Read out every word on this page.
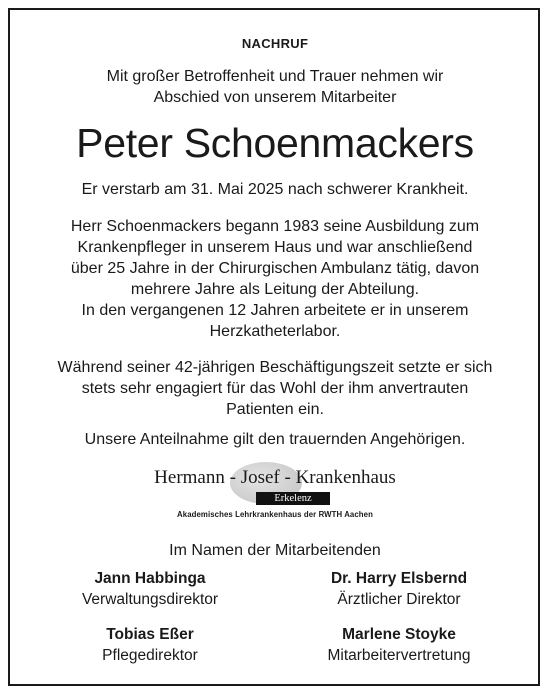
NACHRUF
Mit großer Betroffenheit und Trauer nehmen wir
Abschied von unserem Mitarbeiter
Peter Schoenmackers
Er verstarb am 31. Mai 2025 nach schwerer Krankheit.
Herr Schoenmackers begann 1983 seine Ausbildung zum
Krankenpfleger in unserem Haus und war anschließend
über 25 Jahre in der Chirurgischen Ambulanz tätig, davon
mehrere Jahre als Leitung der Abteilung.
In den vergangenen 12 Jahren arbeitete er in unserem
Herzkatheterlabor.
Während seiner 42-jährigen Beschäftigungszeit setzte er sich
stets sehr engagiert für das Wohl der ihm anvertrauten
Patienten ein.
Unsere Anteilnahme gilt den trauernden Angehörigen.
Hermann - Josef - Krankenhaus
Erkelenz
Akademisches Lehrkrankenhaus der RWTH Aachen
Im Namen der Mitarbeitenden
Jann Habbinga
Verwaltungsdirektor
Dr. Harry Elsbernd
Ärztlicher Direktor
Tobias Eßer
Pflegedirektor
Marlene Stoyke
Mitarbeitervertretung
